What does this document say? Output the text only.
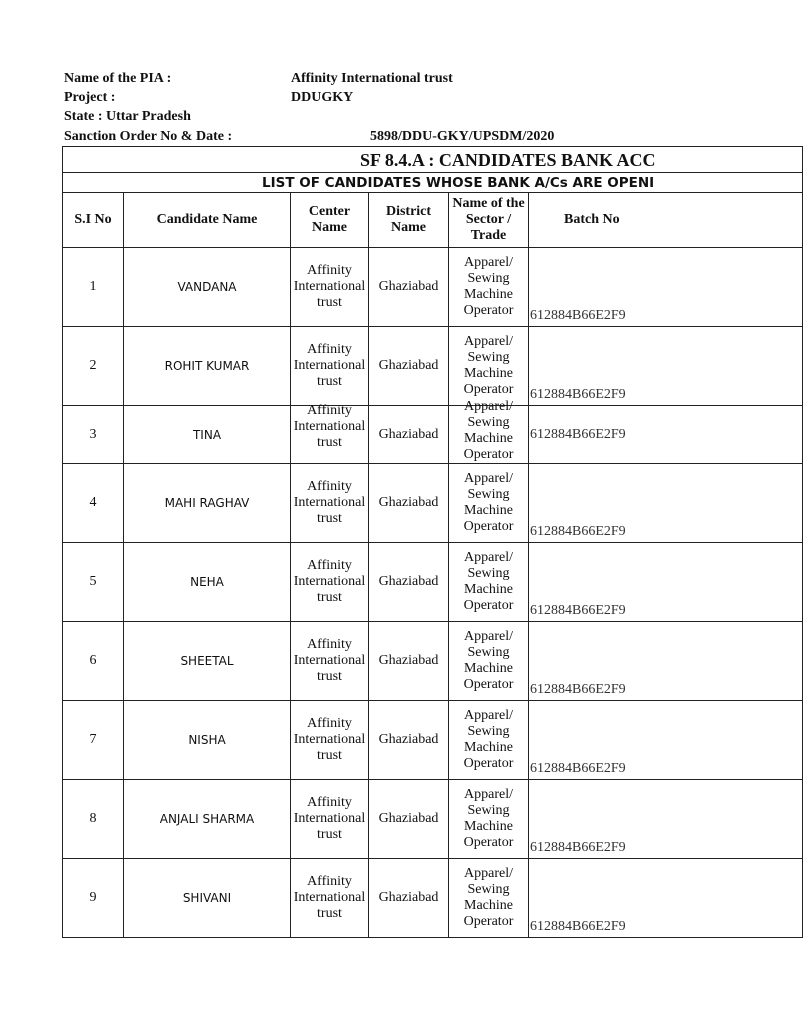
Name of the PIA :	Affinity International trust
Project :	DDUGKY
State : Uttar Pradesh
Sanction Order No & Date :	5898/DDU-GKY/UPSDM/2020
SF 8.4.A : CANDIDATES BANK ACC					
LIST OF CANDIDATES WHOSE BANK A/Cs ARE OPENI					
S.I No	Candidate Name	Center Name	District Name	Name of the Sector / Trade	Batch No

1	VANDANA	Affinity International trust	Ghaziabad	Apparel/ Sewing Machine Operator	612884B66E2F9

2	ROHIT KUMAR	Affinity International trust	Ghaziabad	Apparel/ Sewing Machine Operator	612884B66E2F9

3	TINA	Affinity International trust	Ghaziabad	Apparel/ Sewing Machine Operator	612884B66E2F9

4	MAHI RAGHAV	Affinity International trust	Ghaziabad	Apparel/ Sewing Machine Operator	612884B66E2F9

5	NEHA	Affinity International trust	Ghaziabad	Apparel/ Sewing Machine Operator	612884B66E2F9

6	SHEETAL	Affinity International trust	Ghaziabad	Apparel/ Sewing Machine Operator	612884B66E2F9

7	NISHA	Affinity International trust	Ghaziabad	Apparel/ Sewing Machine Operator	612884B66E2F9

8	ANJALI SHARMA	Affinity International trust	Ghaziabad	Apparel/ Sewing Machine Operator	612884B66E2F9

9	SHIVANI	Affinity International trust	Ghaziabad	Apparel/ Sewing Machine Operator	612884B66E2F9
